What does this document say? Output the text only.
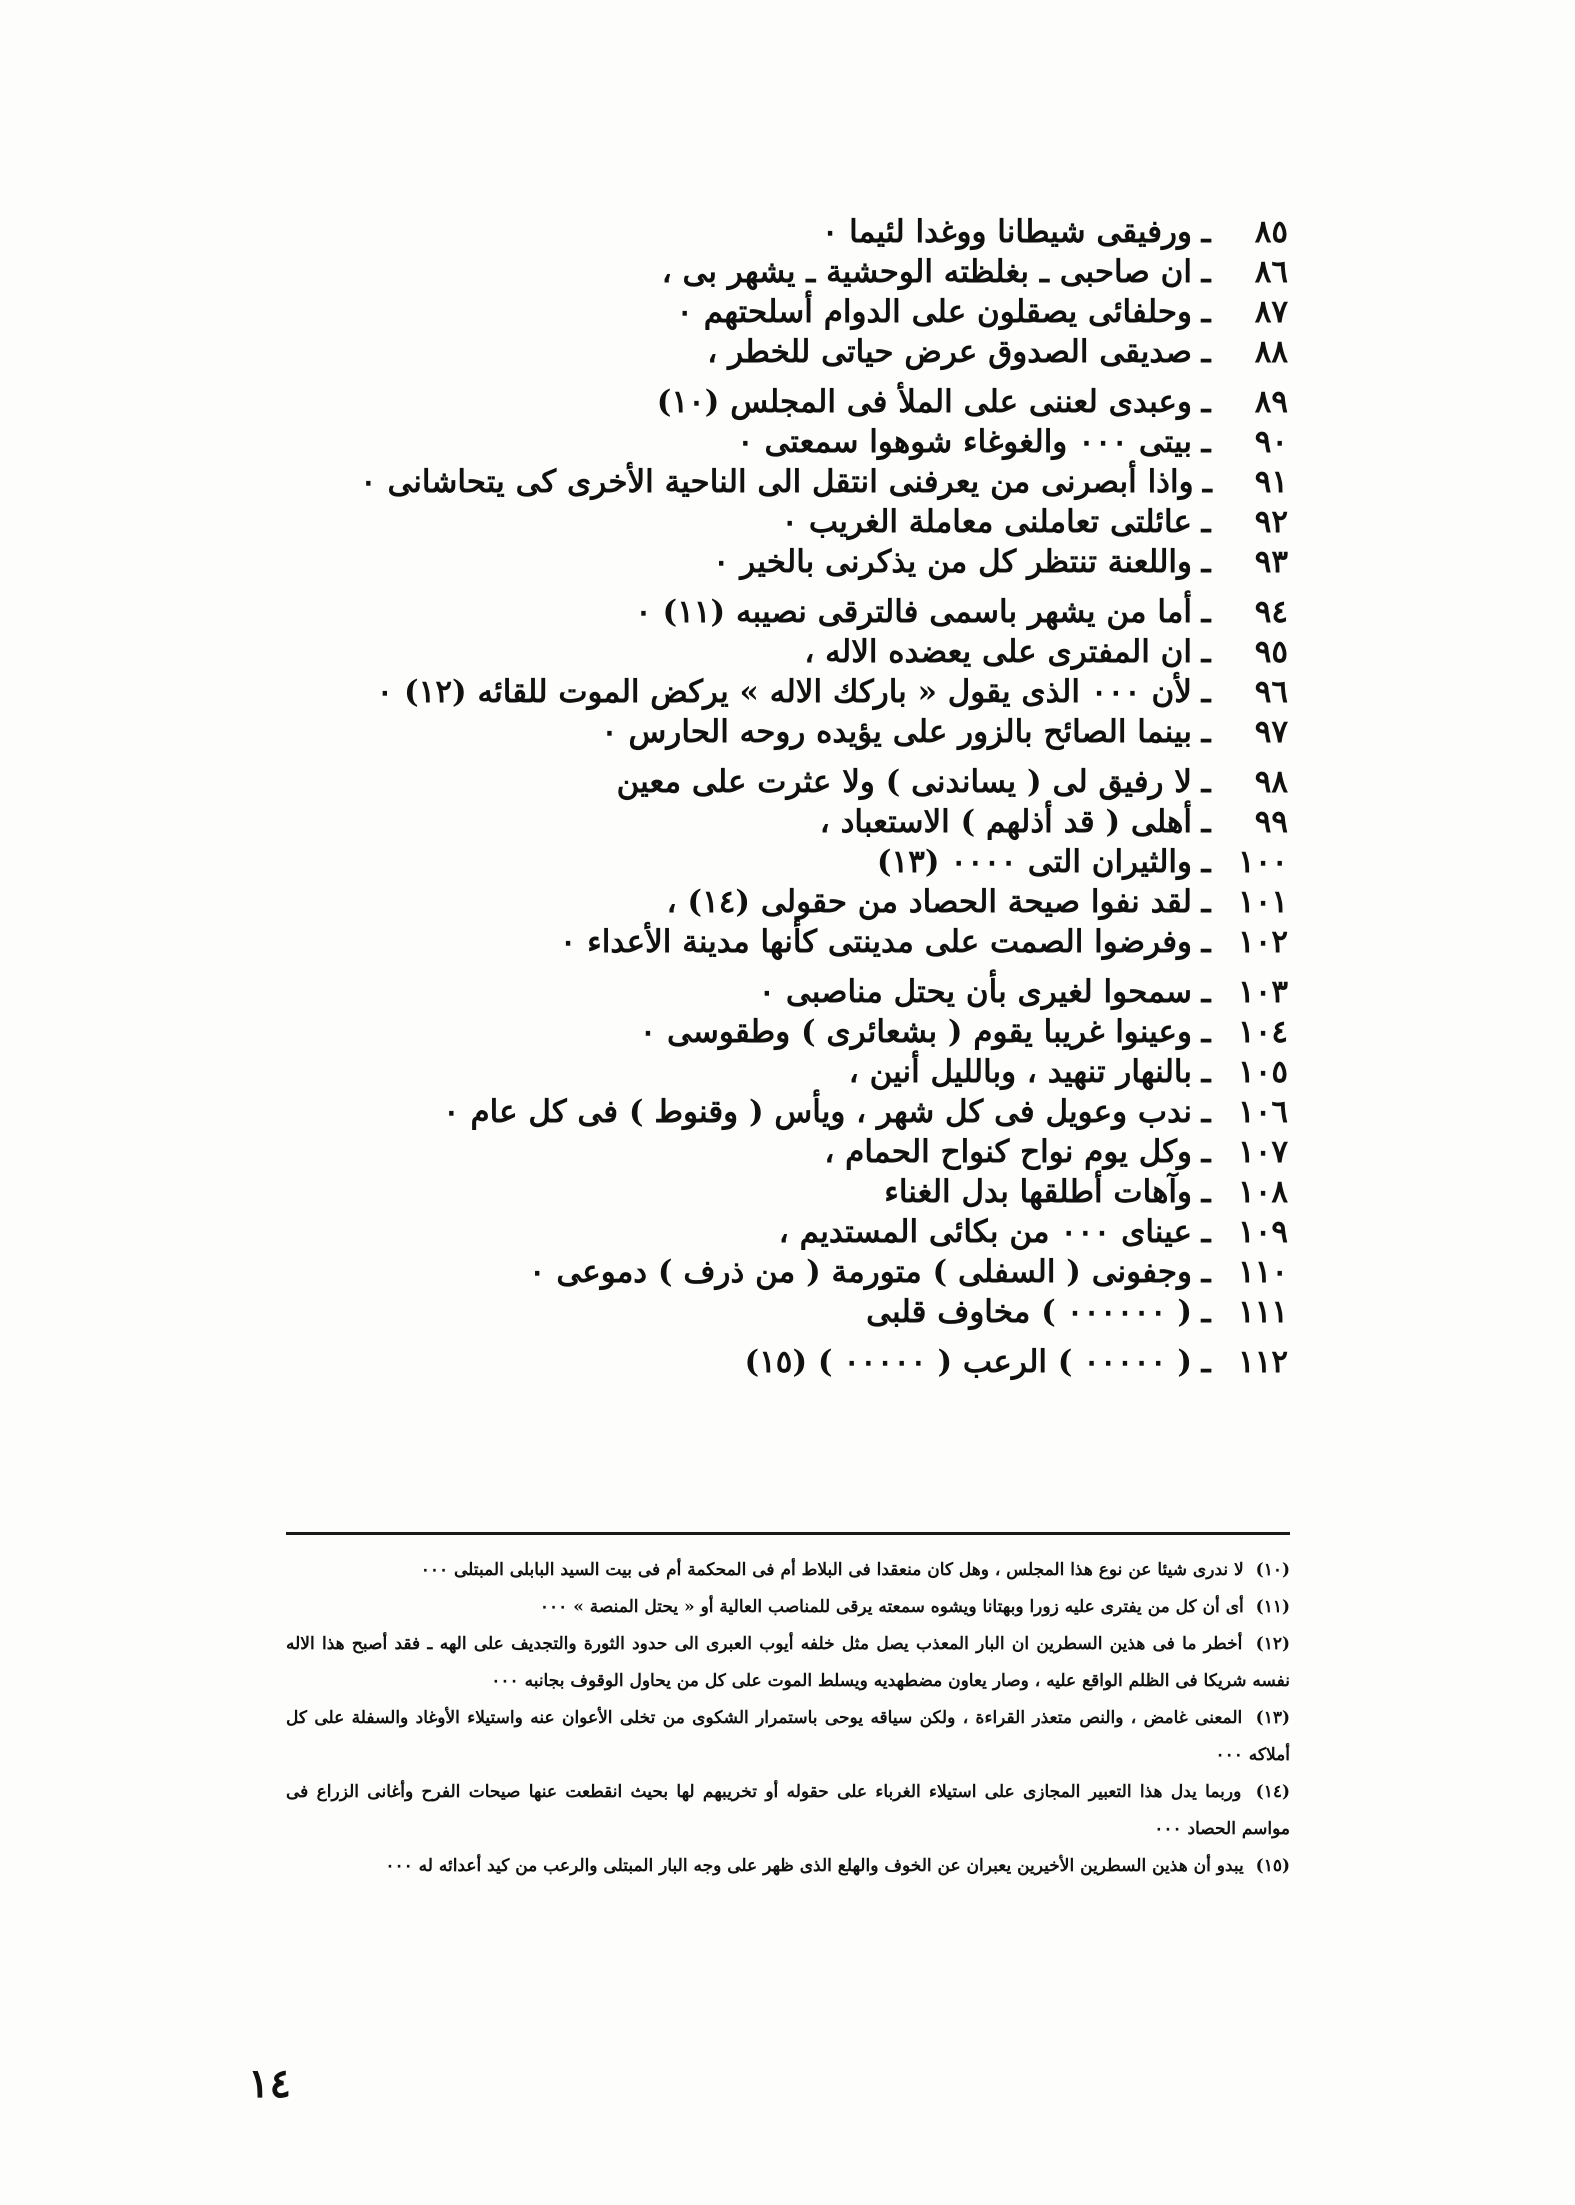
٨٥
ـ
ورفيقى شيطانا ووغدا لئيما ٠
٨٦
ـ
ان صاحبى ـ بغلظته الوحشية ـ يشهر بى ،
٨٧
ـ
وحلفائى يصقلون على الدوام أسلحتهم ٠
٨٨
ـ
صديقى الصدوق عرض حياتى للخطر ،
٨٩
ـ
وعبدى لعننى على الملأ فى المجلس (١٠)
٩٠
ـ
بيتى ٠٠٠ والغوغاء شوهوا سمعتى ٠
٩١
ـ
واذا أبصرنى من يعرفنى انتقل الى الناحية الأخرى كى يتحاشانى ٠
٩٢
ـ
عائلتى تعاملنى معاملة الغريب ٠
٩٣
ـ
واللعنة تنتظر كل من يذكرنى بالخير ٠
٩٤
ـ
أما من يشهر باسمى فالترقى نصيبه (١١) ٠
٩٥
ـ
ان المفترى على يعضده الاله ،
٩٦
ـ
لأن ٠٠٠ الذى يقول « باركك الاله » يركض الموت للقائه (١٢) ٠
٩٧
ـ
بينما الصائح بالزور على يؤيده روحه الحارس ٠
٩٨
ـ
لا رفيق لى ( يساندنى ) ولا عثرت على معين
٩٩
ـ
أهلى ( قد أذلهم ) الاستعباد ،
١٠٠
ـ
والثيران التى ٠٠٠٠ (١٣)
١٠١
ـ
لقد نفوا صيحة الحصاد من حقولى (١٤) ،
١٠٢
ـ
وفرضوا الصمت على مدينتى كأنها مدينة الأعداء ٠
١٠٣
ـ
سمحوا لغيرى بأن يحتل مناصبى ٠
١٠٤
ـ
وعينوا غريبا يقوم ( بشعائرى ) وطقوسى ٠
١٠٥
ـ
بالنهار تنهيد ، وبالليل أنين ،
١٠٦
ـ
ندب وعويل فى كل شهر ، ويأس ( وقنوط ) فى كل عام ٠
١٠٧
ـ
وكل يوم نواح كنواح الحمام ،
١٠٨
ـ
وآهات أطلقها بدل الغناء
١٠٩
ـ
عيناى ٠٠٠ من بكائى المستديم ،
١١٠
ـ
وجفونى ( السفلى ) متورمة ( من ذرف ) دموعى ٠
١١١
ـ
( ٠٠٠٠٠٠ ) مخاوف قلبى
١١٢
ـ
( ٠٠٠٠٠ ) الرعب ( ٠٠٠٠٠ ) (١٥)
(١٠) لا ندرى شيئا عن نوع هذا المجلس ، وهل كان منعقدا فى البلاط أم فى المحكمة أم فى بيت السيد البابلى المبتلى ٠٠٠
(١١) أى أن كل من يفترى عليه زورا وبهتانا ويشوه سمعته يرقى للمناصب العالية أو « يحتل المنصة » ٠٠٠
(١٢) أخطر ما فى هذين السطرين ان البار المعذب يصل مثل خلفه أيوب العبرى الى حدود الثورة والتجديف على الهه ـ فقد أصبح هذا الاله نفسه شريكا فى الظلم الواقع عليه ، وصار يعاون مضطهديه ويسلط الموت على كل من يحاول الوقوف بجانبه ٠٠٠
(١٣) المعنى غامض ، والنص متعذر القراءة ، ولكن سياقه يوحى باستمرار الشكوى من تخلى الأعوان عنه واستيلاء الأوغاد والسفلة على كل أملاكه ٠٠٠
(١٤) وربما يدل هذا التعبير المجازى على استيلاء الغرباء على حقوله أو تخريبهم لها بحيث انقطعت عنها صيحات الفرح وأغانى الزراع فى مواسم الحصاد ٠٠٠
(١٥) يبدو أن هذين السطرين الأخيرين يعبران عن الخوف والهلع الذى ظهر على وجه البار المبتلى والرعب من كيد أعدائه له ٠٠٠
١٤
